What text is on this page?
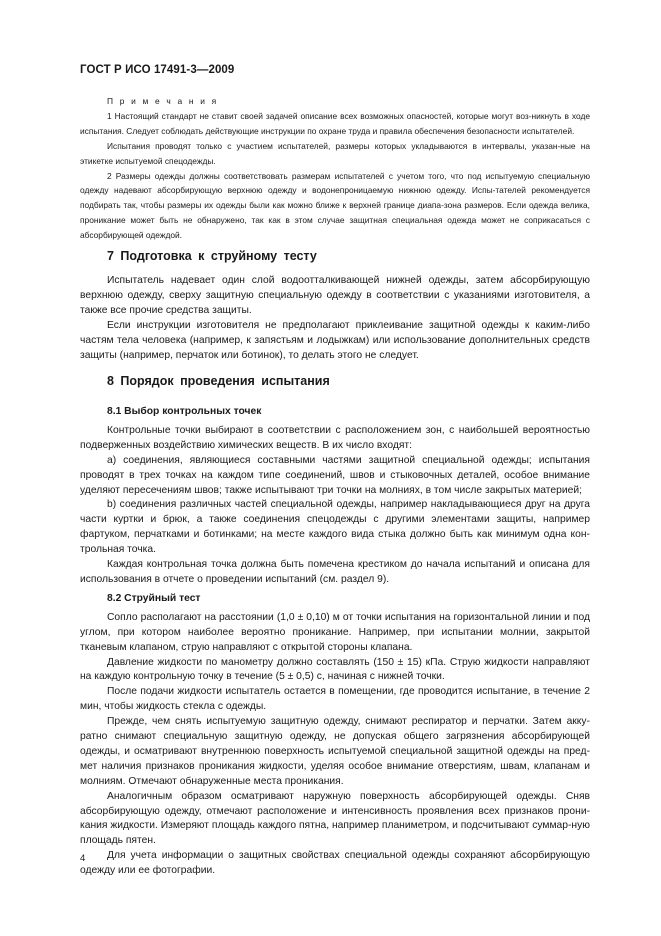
ГОСТ Р ИСО 17491-3—2009

П р и м е ч а н и я

1 Настоящий стандарт не ставит своей задачей описание всех возможных опасностей, которые могут воз-никнуть в ходе испытания. Следует соблюдать действующие инструкции по охране труда и правила обеспечения безопасности испытателей.

Испытания проводят только с участием испытателей, размеры которых укладываются в интервалы, указан-ные на этикетке испытуемой спецодежды.

2 Размеры одежды должны соответствовать размерам испытателей с учетом того, что под испытуемую специальную одежду надевают абсорбирующую верхнюю одежду и водонепроницаемую нижнюю одежду. Испы-тателей рекомендуется подбирать так, чтобы размеры их одежды были как можно ближе к верхней границе диапа-зона размеров. Если одежда велика, проникание может быть не обнаружено, так как в этом случае защитная специальная одежда может не соприкасаться с абсорбирующей одеждой.

7 Подготовка к струйному тесту

Испытатель надевает один слой водоотталкивающей нижней одежды, затем абсорбирующую верхнюю одежду, сверху защитную специальную одежду в соответствии с указаниями изготовителя, а также все прочие средства защиты.

Если инструкции изготовителя не предполагают приклеивание защитной одежды к каким-либо частям тела человека (например, к запястьям и лодыжкам) или использование дополнительных средств защиты (например, перчаток или ботинок), то делать этого не следует.

8 Порядок проведения испытания

8.1 Выбор контрольных точек

Контрольные точки выбирают в соответствии с расположением зон, с наибольшей вероятностью подверженных воздействию химических веществ. В их число входят:

a) соединения, являющиеся составными частями защитной специальной одежды; испытания проводят в трех точках на каждом типе соединений, швов и стыковочных деталей, особое внимание уделяют пересечениям швов; также испытывают три точки на молниях, в том числе закрытых материей;

b) соединения различных частей специальной одежды, например накладывающиеся друг на друга части куртки и брюк, а также соединения спецодежды с другими элементами защиты, например фартуком, перчатками и ботинками; на месте каждого вида стыка должно быть как минимум одна кон-трольная точка.

Каждая контрольная точка должна быть помечена крестиком до начала испытаний и описана для использования в отчете о проведении испытаний (см. раздел 9).

8.2 Струйный тест

Сопло располагают на расстоянии (1,0 ± 0,10) м от точки испытания на горизонтальной линии и под углом, при котором наиболее вероятно проникание. Например, при испытании молнии, закрытой тканевым клапаном, струю направляют с открытой стороны клапана.

Давление жидкости по манометру должно составлять (150 ± 15) кПа. Струю жидкости направляют на каждую контрольную точку в течение (5 ± 0,5) с, начиная с нижней точки.

После подачи жидкости испытатель остается в помещении, где проводится испытание, в течение 2 мин, чтобы жидкость стекла с одежды.

Прежде, чем снять испытуемую защитную одежду, снимают респиратор и перчатки. Затем акку-ратно снимают специальную защитную одежду, не допуская общего загрязнения абсорбирующей одежды, и осматривают внутреннюю поверхность испытуемой специальной защитной одежды на пред-мет наличия признаков проникания жидкости, уделяя особое внимание отверстиям, швам, клапанам и молниям. Отмечают обнаруженные места проникания.

Аналогичным образом осматривают наружную поверхность абсорбирующей одежды. Сняв абсорбирующую одежду, отмечают расположение и интенсивность проявления всех признаков прони-кания жидкости. Измеряют площадь каждого пятна, например планиметром, и подсчитывают суммар-ную площадь пятен.

Для учета информации о защитных свойствах специальной одежды сохраняют абсорбирующую одежду или ее фотографии.

4
